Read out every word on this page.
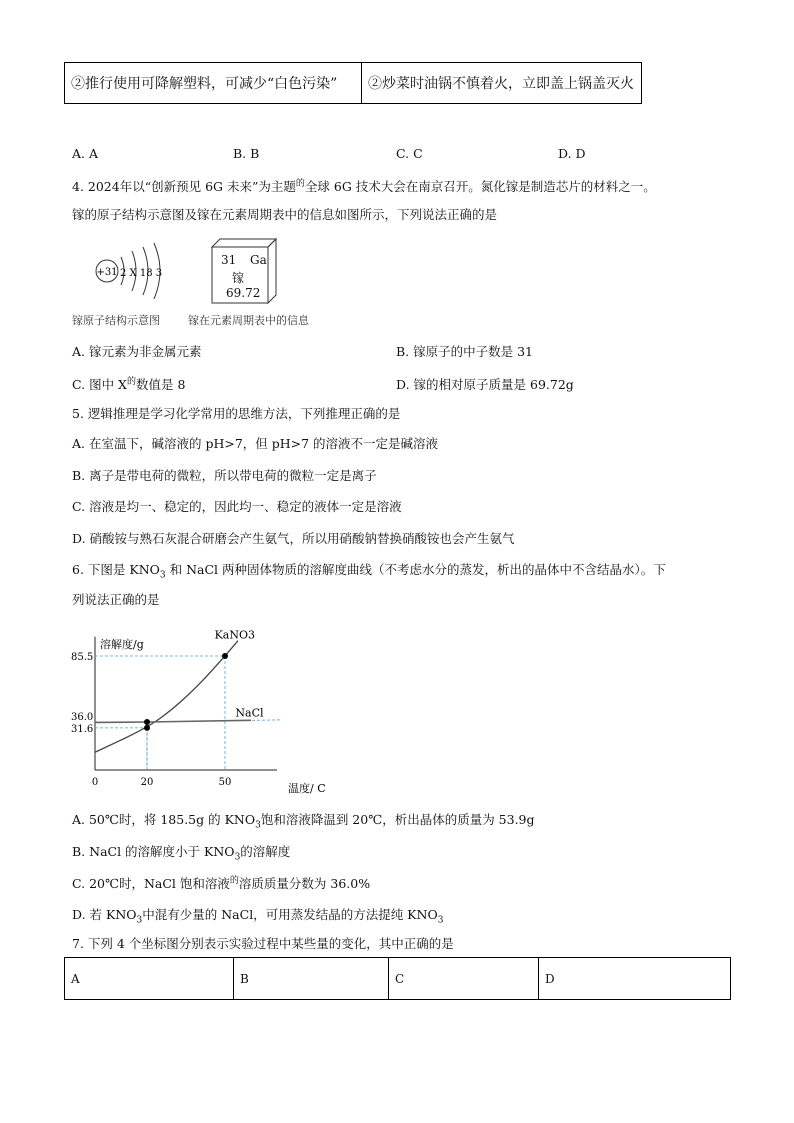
②推行使用可降解塑料，可减少“白色污染”	②炒菜时油锅不慎着火，立即盖上锅盖灭火
A. A	B. B	C. C	D. D
4. 2024年以“创新预见 6G 未来”为主题$^的$全球 6G 技术大会在南京召开。氮化镓是制造芯片的材料之一。
镓的原子结构示意图及镓在元素周期表中的信息如图所示，下列说法正确的是
+31 2 X 18 3
镓原子结构示意图
31 Ga
镓
69.72
镓在元素周期表中的信息
A. 镓元素为非金属元素	B. 镓原子的中子数是 31
C. 图中 $X^的$数值是 8	D. 镓的相对原子质量是 69.72g
5. 逻辑推理是学习化学常用的思维方法，下列推理正确的是
A. 在室温下，碱溶液的 pH>7，但 pH>7 的溶液不一定是碱溶液
B. 离子是带电荷的微粒，所以带电荷的微粒一定是离子
C. 溶液是均一、稳定的，因此均一、稳定的液体一定是溶液
D. 硝酸铵与熟石灰混合研磨会产生氨气，所以用硝酸钠替换硝酸铵也会产生氨气
6. 下图是 $KNO_3$ 和 NaCl 两种固体物质的溶解度曲线（不考虑水分的蒸发，析出的晶体中不含结晶水）。下
列说法正确的是
KaNO3
NaCl
31.6
36.0
85.5
0	20	50
溶解度/g
温度/ C
A. 50℃时，将 185.5g 的 $KNO_3$饱和溶液降温到 20℃，析出晶体的质量为 53.9g
B. NaCl 的溶解度小于 $KNO_3$的溶解度
C. 20℃时，NaCl 饱和溶液$^的$溶质质量分数为 36.0%
D. 若 $KNO_3$中混有少量的 NaCl，可用蒸发结晶的方法提纯 $KNO_3$
7. 下列 4 个坐标图分别表示实验过程中某些量的变化，其中正确的是
A	B	C	D
